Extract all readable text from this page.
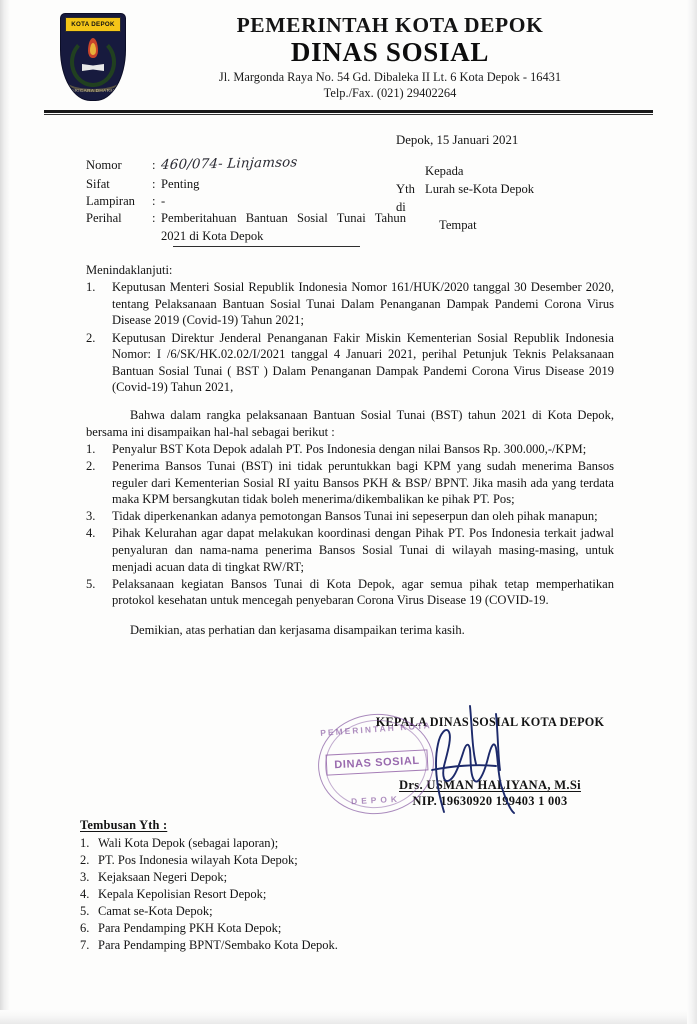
PARICARA DHARMA
KOTA DEPOK	PEMERINTAH KOTA DEPOK
DINAS SOSIAL
Jl. Margonda Raya No. 54 Gd. Dibaleka II Lt. 6 Kota Depok - 16431
Telp./Fax. (021) 29402264
Depok, 15 Januari 2021
Nomor	: 460/074- Linjamsos
Sifat	: Penting
Lampiran	: -
Perihal	: Pemberitahuan Bantuan Sosial Tunai Tahun 2021 di Kota Depok
Kepada
Yth Lurah se-Kota Depok
di
Tempat
Menindaklanjuti:
1.	Keputusan Menteri Sosial Republik Indonesia Nomor 161/HUK/2020 tanggal 30 Desember 2020, tentang Pelaksanaan Bantuan Sosial Tunai Dalam Penanganan Dampak Pandemi Corona Virus Disease 2019 (Covid-19) Tahun 2021;
2.	Keputusan Direktur Jenderal Penanganan Fakir Miskin Kementerian Sosial Republik Indonesia Nomor: I /6/SK/HK.02.02/I/2021 tanggal 4 Januari 2021, perihal Petunjuk Teknis Pelaksanaan Bantuan Sosial Tunai ( BST ) Dalam Penanganan Dampak Pandemi Corona Virus Disease 2019 (Covid-19) Tahun 2021,
Bahwa dalam rangka pelaksanaan Bantuan Sosial Tunai (BST) tahun 2021 di Kota Depok, bersama ini disampaikan hal-hal sebagai berikut :
1.	Penyalur BST Kota Depok adalah PT. Pos Indonesia dengan nilai Bansos Rp. 300.000,-/KPM;
2.	Penerima Bansos Tunai (BST) ini tidak peruntukkan bagi KPM yang sudah menerima Bansos reguler dari Kementerian Sosial RI yaitu Bansos PKH & BSP/ BPNT. Jika masih ada yang terdata maka KPM bersangkutan tidak boleh menerima/dikembalikan ke pihak PT. Pos;
3.	Tidak diperkenankan adanya pemotongan Bansos Tunai ini sepeserpun dan oleh pihak manapun;
4.	Pihak Kelurahan agar dapat melakukan koordinasi dengan Pihak PT. Pos Indonesia terkait jadwal penyaluran dan nama-nama penerima Bansos Sosial Tunai di wilayah masing-masing, untuk menjadi acuan data di tingkat RW/RT;
5.	Pelaksanaan kegiatan Bansos Tunai di Kota Depok, agar semua pihak tetap memperhatikan protokol kesehatan untuk mencegah penyebaran Corona Virus Disease 19 (COVID-19.
Demikian, atas perhatian dan kerjasama disampaikan terima kasih.
KEPALA DINAS SOSIAL KOTA DEPOK
Drs. USMAN HALIYANA, M.Si
NIP. 19630920 199403 1 003
PEMERINTAH KOTA
DINAS SOSIAL
DEPOK
Tembusan Yth :
1. Wali Kota Depok (sebagai laporan);
2. PT. Pos Indonesia wilayah Kota Depok;
3. Kejaksaan Negeri Depok;
4. Kepala Kepolisian Resort Depok;
5. Camat se-Kota Depok;
6. Para Pendamping PKH Kota Depok;
7. Para Pendamping BPNT/Sembako Kota Depok.
